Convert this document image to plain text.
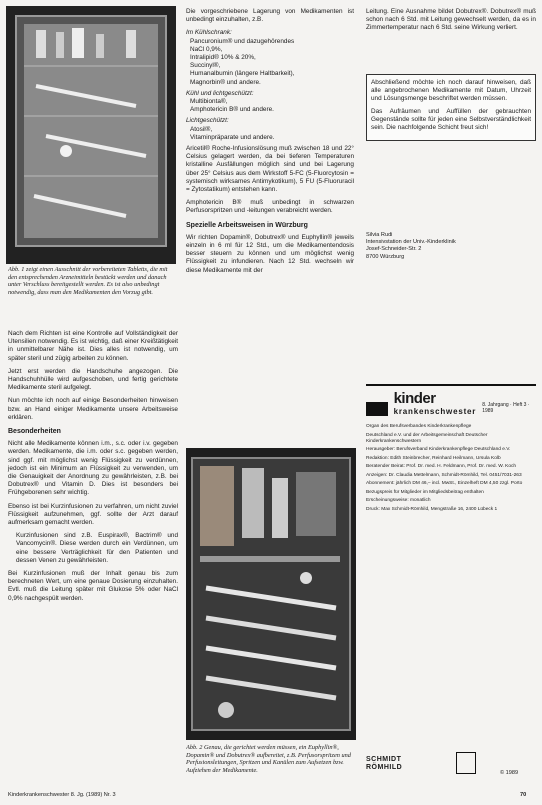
Abb. 1 zeigt einen Ausschnitt der vorbereiteten Tabletts, die mit den entsprechenden Arzneimitteln bestückt werden und danach unter Verschluss bereitgestellt werden. Es ist also unbedingt notwendig, dass man den Medikamenten den Vorzug gibt.

Nach dem Richten ist eine Kontrolle auf Vollständigkeit der Utensilien notwendig. Es ist wichtig, daß einer Kreißtätigkeit in unmittelbarer Nähe ist. Dies alles ist notwendig, um später steril und zügig arbeiten zu können.

Jetzt erst werden die Handschuhe angezogen. Die Handschuhhülle wird aufgeschoben, und fertig gerichtete Medikamente steril aufgelegt.

Nun möchte ich noch auf einige Besonderheiten hinweisen bzw. an Hand einiger Medikamente unsere Arbeitsweise erklären.

Besonderheiten

Nicht alle Medikamente können i.m., s.c. oder i.v. gegeben werden. Medikamente, die i.m. oder s.c. gegeben werden, sind ggf. mit möglichst wenig Flüssigkeit zu verdünnen, jedoch ist ein Minimum an Flüssigkeit zu verwenden, um die Genauigkeit der Anordnung zu gewährleisten, z.B. bei Dobutrex® und Vitamin D. Dies ist besonders bei Frühgeborenen sehr wichtig.

Ebenso ist bei Kurzinfusionen zu verfahren, um nicht zuviel Flüssigkeit aufzunehmen, ggf. sollte der Arzt darauf aufmerksam gemacht werden.

Kurzinfusionen sind z.B. Euspirax®, Bactrim® und Vancomycin®. Diese werden durch ein Verdünnen, um eine bessere Verträglichkeit für den Patienten und dessen Venen zu gewährleisten.

Bei Kurzinfusionen muß der Inhalt genau bis zum berechneten Wert, um eine genaue Dosierung einzuhalten. Evtl. muß die Leitung später mit Glukose 5% oder NaCl 0,9% nachgespült werden.

Die vorgeschriebene Lagerung von Medikamenten ist unbedingt einzuhalten, z.B.

Im Kühlschrank:
Pancuronium® und dazugehörendes
NaCl 0,9%,
Intralipid® 10% & 20%,
Succinyl®,
Humanalbumin (längere Haltbarkeit),
Magnorbin® und andere.
Kühl und lichtgeschützt:
Multibionta®,
Amphotericin B® und andere.
Lichtgeschützt:
Atosil®,
Vitaminpräparate und andere.

Aricetil® Roche-Infusionslösung muß zwischen 18 und 22° Celsius gelagert werden, da bei tieferen Temperaturen kristalline Ausfällungen möglich sind und bei Lagerung über 25° Celsius aus dem Wirkstoff 5-FC (5-Fluorcytosin = systemisch wirksames Antimykotikum), 5 FU (5-Fluoruracil = Zytostatikum) entstehen kann.

Amphotericin B® muß unbedingt in schwarzen Perfusorspritzen und -leitungen verabreicht werden.

Spezielle Arbeitsweisen in Würzburg

Wir richten Dopamin®, Dobutrex® und Euphyllin® jeweils einzeln in 6 ml für 12 Std., um die Medikamentendosis besser steuern zu können und um möglichst wenig Flüssigkeit zu infundieren. Nach 12 Std. wechseln wir diese Medikamente mit der

Abb. 2 Genau, die gerichtet werden müssen, ein Euphyllin®, Dopamin® und Dobutrex® aufbereitet, z.B. Perfusorspritzen und Perfusionsleitungen, Spritzen und Kanülen zum Aufsetzen bzw. Aufziehen der Medikamente.

Leitung. Eine Ausnahme bildet Dobutrex®. Dobutrex® muß schon nach 6 Std. mit Leitung gewechselt werden, da es in Zimmertemperatur nach 6 Std. seine Wirkung verliert.

Abschließend möchte ich noch darauf hinweisen, daß alle angebrochenen Medikamente mit Datum, Uhrzeit und Lösungsmenge beschriftet werden müssen.

Das Aufräumen und Auffüllen der gebrauchten Gegenstände sollte für jeden eine Selbstverständlichkeit sein. Die nachfolgende Schicht freut sich!

Silvia Rudi
Intensivstation der Univ.-Kinderklinik
Josef-Schneider-Str. 2
8700 Würzburg
kinder
krankenschwester
8. Jahrgang · Heft 3 · 1989

Organ des Berufsverbandes Kinderkrankenpflege

Deutschland e.V. und der Arbeitsgemeinschaft Deutscher Kinderkrankenschwestern

Herausgeber: Berufsverband Kinderkrankenpflege Deutschland e.V.

Redaktion: Edith Steinbrecher, Reinhard Heilmann, Ursula Kolb

Beratender Beirat: Prof. Dr. med. H. Feldmann, Prof. Dr. med. W. Koch

Anzeigen: Dr. Claudia Mettelmann, Schmidt-Römhild, Tel. 0451/7031-263

Abonnement: jährlich DM 46,– incl. MwSt., Einzelheft DM 4,50 zzgl. Porto

Bezugspreis für Mitglieder im Mitgliedsbeitrag enthalten

Erscheinungsweise: monatlich

Druck: Max Schmidt-Römhild, Mengstraße 16, 2400 Lübeck 1

SCHMIDT
RÖMHILD
© 1989
Kinderkrankenschwester 8. Jg. (1989) Nr. 3	70
